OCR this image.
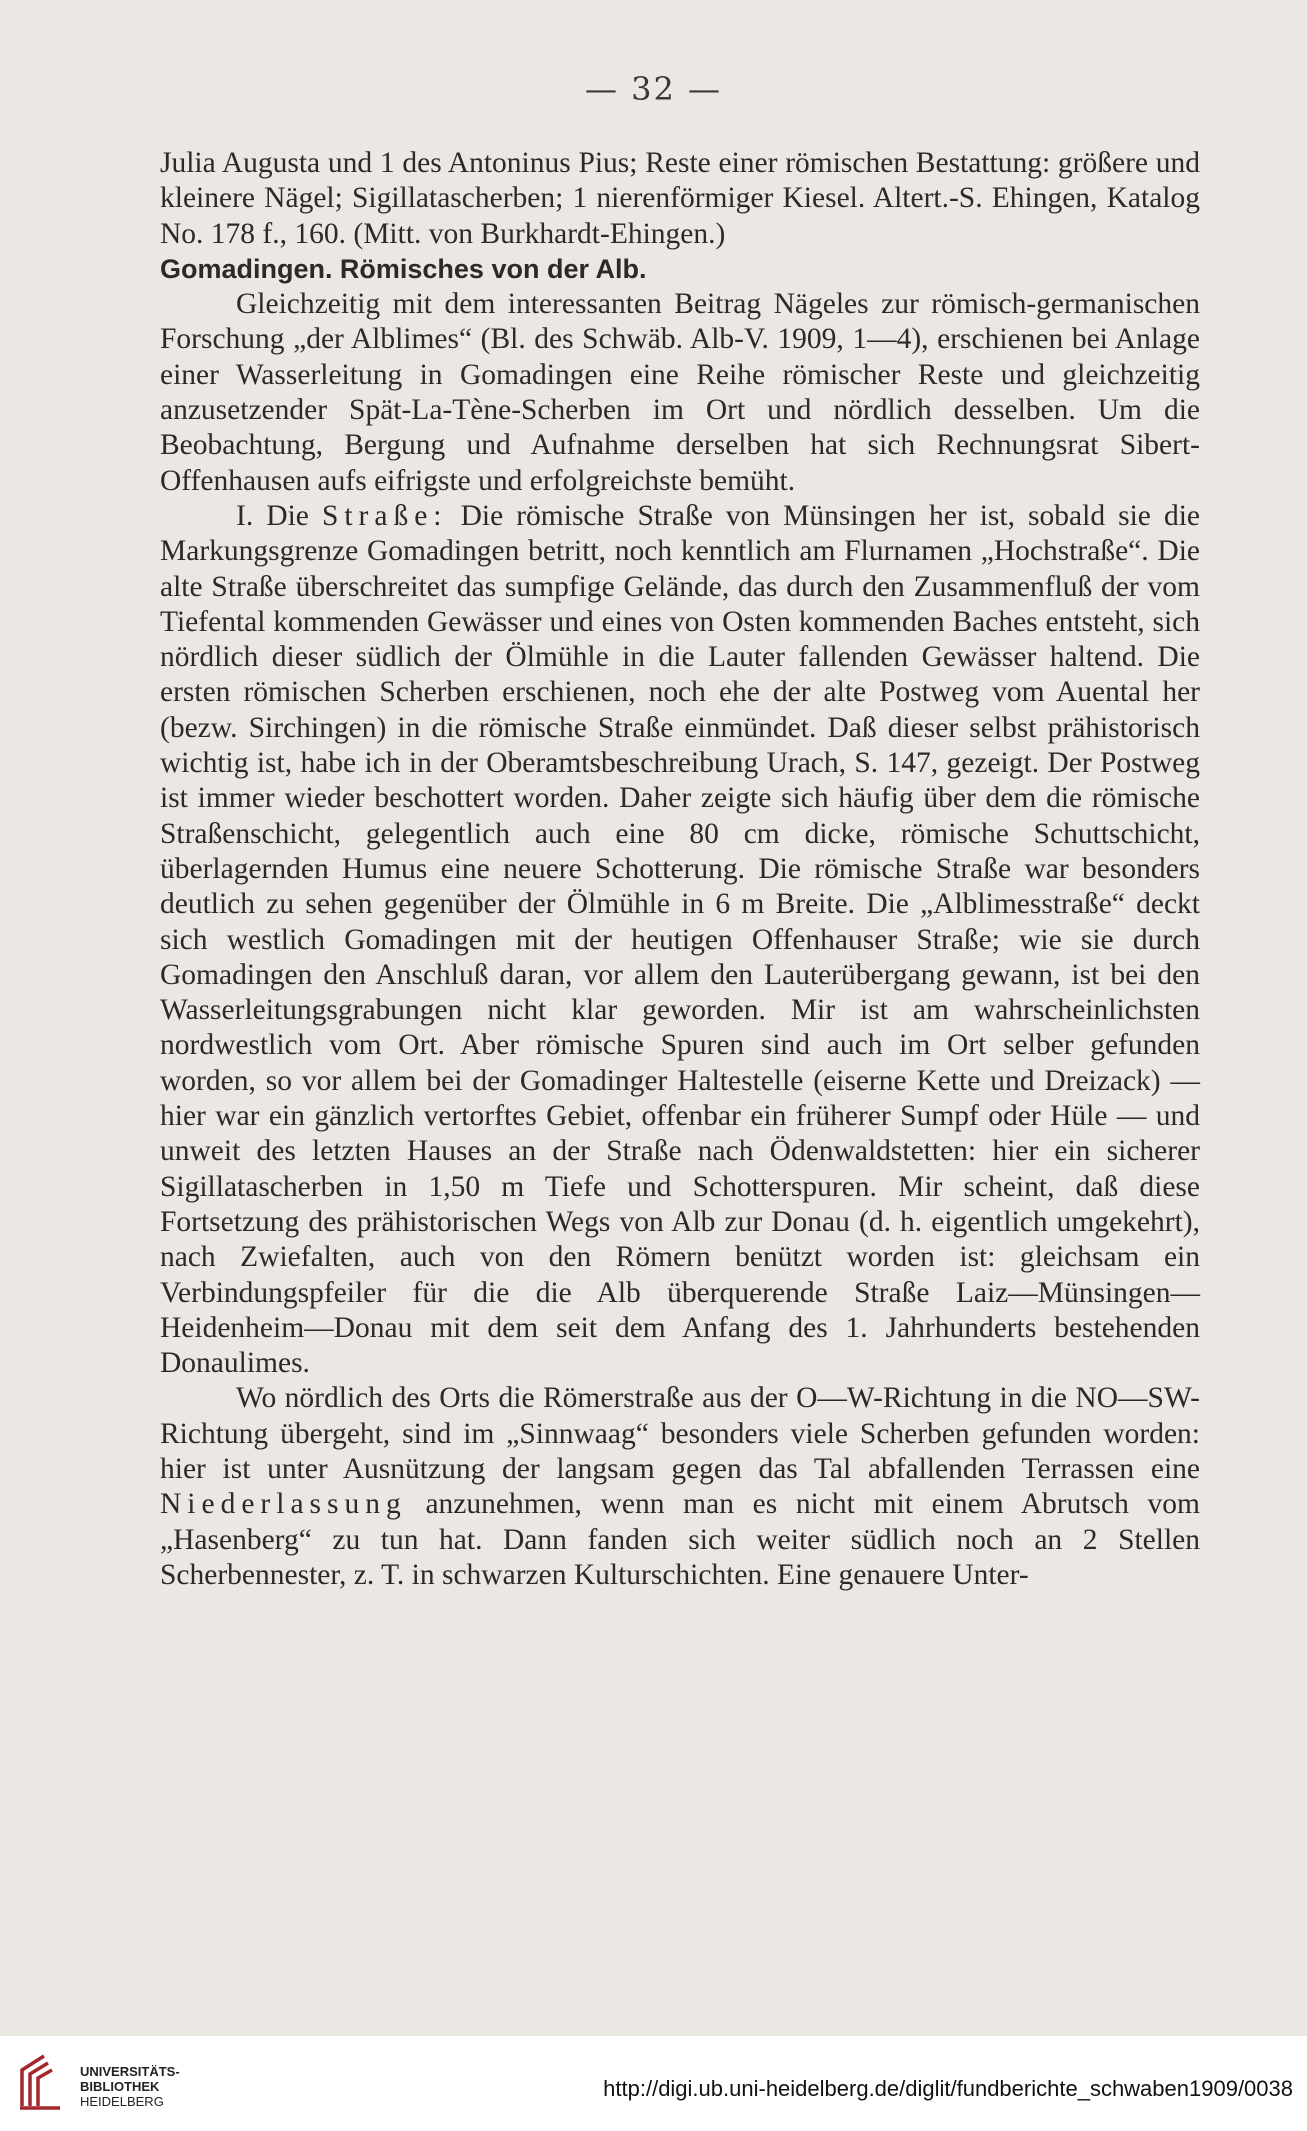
— 32 —

Julia Augusta und 1 des Antoninus Pius; Reste einer römischen Bestattung: größere und kleinere Nägel; Sigillatascherben; 1 nierenförmiger Kiesel. Altert.-S. Ehingen, Katalog No. 178 f., 160. (Mitt. von Burkhardt-Ehingen.)

Gomadingen. Römisches von der Alb.

Gleichzeitig mit dem interessanten Beitrag Nägeles zur römisch-germanischen Forschung „der Alblimes“ (Bl. des Schwäb. Alb-V. 1909, 1—4), erschienen bei Anlage einer Wasserleitung in Gomadingen eine Reihe römischer Reste und gleichzeitig anzusetzender Spät-La-Tène-Scherben im Ort und nördlich desselben. Um die Beobachtung, Bergung und Aufnahme derselben hat sich Rechnungsrat Sibert-Offenhausen aufs eifrigste und erfolgreichste bemüht.

I. Die Straße: Die römische Straße von Münsingen her ist, sobald sie die Markungsgrenze Gomadingen betritt, noch kenntlich am Flurnamen „Hochstraße“. Die alte Straße überschreitet das sumpfige Gelände, das durch den Zusammenfluß der vom Tiefental kommenden Gewässer und eines von Osten kommenden Baches entsteht, sich nördlich dieser südlich der Ölmühle in die Lauter fallenden Gewässer haltend. Die ersten römischen Scherben erschienen, noch ehe der alte Postweg vom Auental her (bezw. Sirchingen) in die römische Straße einmündet. Daß dieser selbst prähistorisch wichtig ist, habe ich in der Oberamtsbeschreibung Urach, S. 147, gezeigt. Der Postweg ist immer wieder beschottert worden. Daher zeigte sich häufig über dem die römische Straßenschicht, gelegentlich auch eine 80 cm dicke, römische Schuttschicht, überlagernden Humus eine neuere Schotterung. Die römische Straße war besonders deutlich zu sehen gegenüber der Ölmühle in 6 m Breite. Die „Alblimesstraße“ deckt sich westlich Gomadingen mit der heutigen Offenhauser Straße; wie sie durch Gomadingen den Anschluß daran, vor allem den Lauterübergang gewann, ist bei den Wasserleitungsgrabungen nicht klar geworden. Mir ist am wahrscheinlichsten nordwestlich vom Ort. Aber römische Spuren sind auch im Ort selber gefunden worden, so vor allem bei der Gomadinger Haltestelle (eiserne Kette und Dreizack) — hier war ein gänzlich vertorftes Gebiet, offenbar ein früherer Sumpf oder Hüle — und unweit des letzten Hauses an der Straße nach Ödenwaldstetten: hier ein sicherer Sigillatascherben in 1,50 m Tiefe und Schotterspuren. Mir scheint, daß diese Fortsetzung des prähistorischen Wegs von Alb zur Donau (d. h. eigentlich umgekehrt), nach Zwiefalten, auch von den Römern benützt worden ist: gleichsam ein Verbindungspfeiler für die die Alb überquerende Straße Laiz—Münsingen—Heidenheim—Donau mit dem seit dem Anfang des 1. Jahrhunderts bestehenden Donaulimes.

Wo nördlich des Orts die Römerstraße aus der O—W-Richtung in die NO—SW-Richtung übergeht, sind im „Sinnwaag“ besonders viele Scherben gefunden worden: hier ist unter Ausnützung der langsam gegen das Tal abfallenden Terrassen eine Niederlassung anzunehmen, wenn man es nicht mit einem Abrutsch vom „Hasenberg“ zu tun hat. Dann fanden sich weiter südlich noch an 2 Stellen Scherbennester, z. T. in schwarzen Kulturschichten. Eine genauere Unter-

UNIVERSITÄTS-
BIBLIOTHEK
HEIDELBERG
http://digi.ub.uni-heidelberg.de/diglit/fundberichte_schwaben1909/0038
